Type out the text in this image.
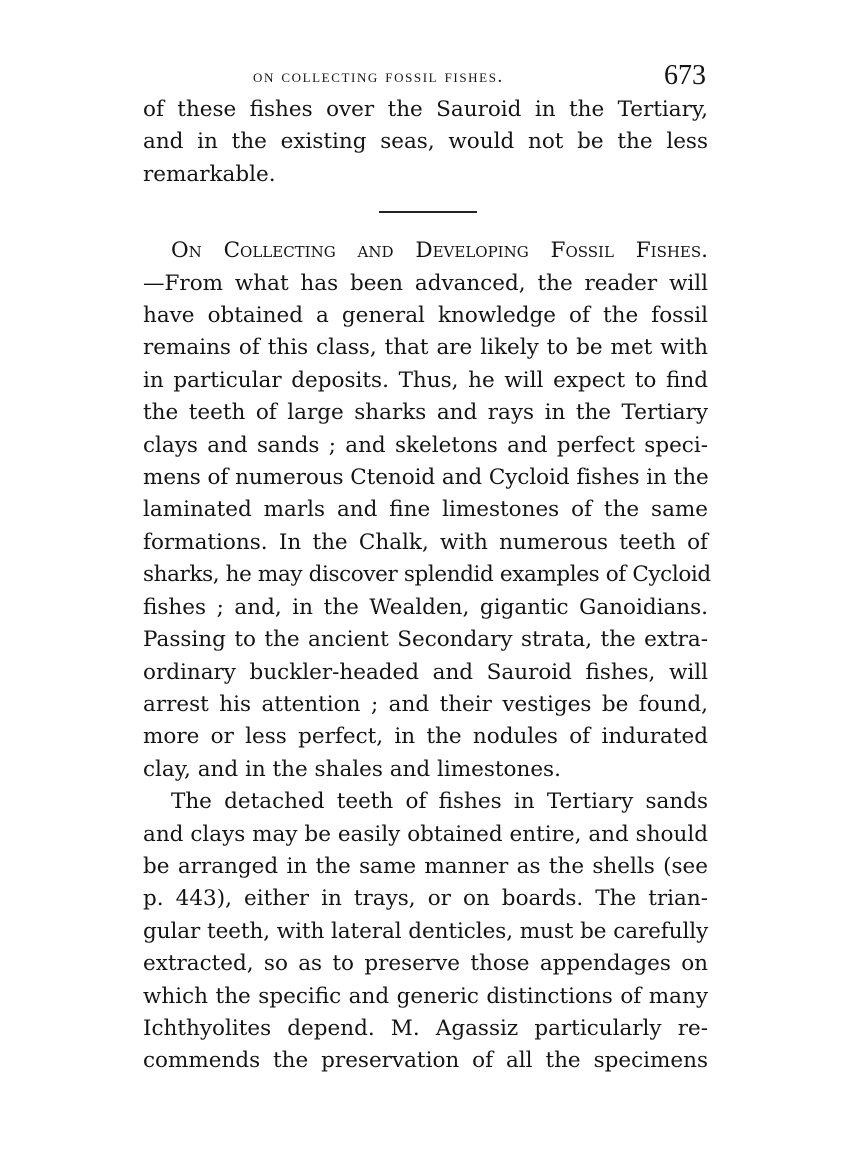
on collecting fossil fishes.	673

of these fishes over the Sauroid in the Tertiary,
and in the existing seas, would not be the less
remarkable.

On Collecting and Developing Fossil Fishes.
—From what has been advanced, the reader will
have obtained a general knowledge of the fossil
remains of this class, that are likely to be met with
in particular deposits. Thus, he will expect to find
the teeth of large sharks and rays in the Tertiary
clays and sands ; and skeletons and perfect speci-
mens of numerous Ctenoid and Cycloid fishes in the
laminated marls and fine limestones of the same
formations. In the Chalk, with numerous teeth of
sharks, he may discover splendid examples of Cycloid
fishes ; and, in the Wealden, gigantic Ganoidians.
Passing to the ancient Secondary strata, the extra-
ordinary buckler-headed and Sauroid fishes, will
arrest his attention ; and their vestiges be found,
more or less perfect, in the nodules of indurated
clay, and in the shales and limestones.

The detached teeth of fishes in Tertiary sands
and clays may be easily obtained entire, and should
be arranged in the same manner as the shells (see
p. 443), either in trays, or on boards. The trian-
gular teeth, with lateral denticles, must be carefully
extracted, so as to preserve those appendages on
which the specific and generic distinctions of many
Ichthyolites depend. M. Agassiz particularly re-
commends the preservation of all the specimens
